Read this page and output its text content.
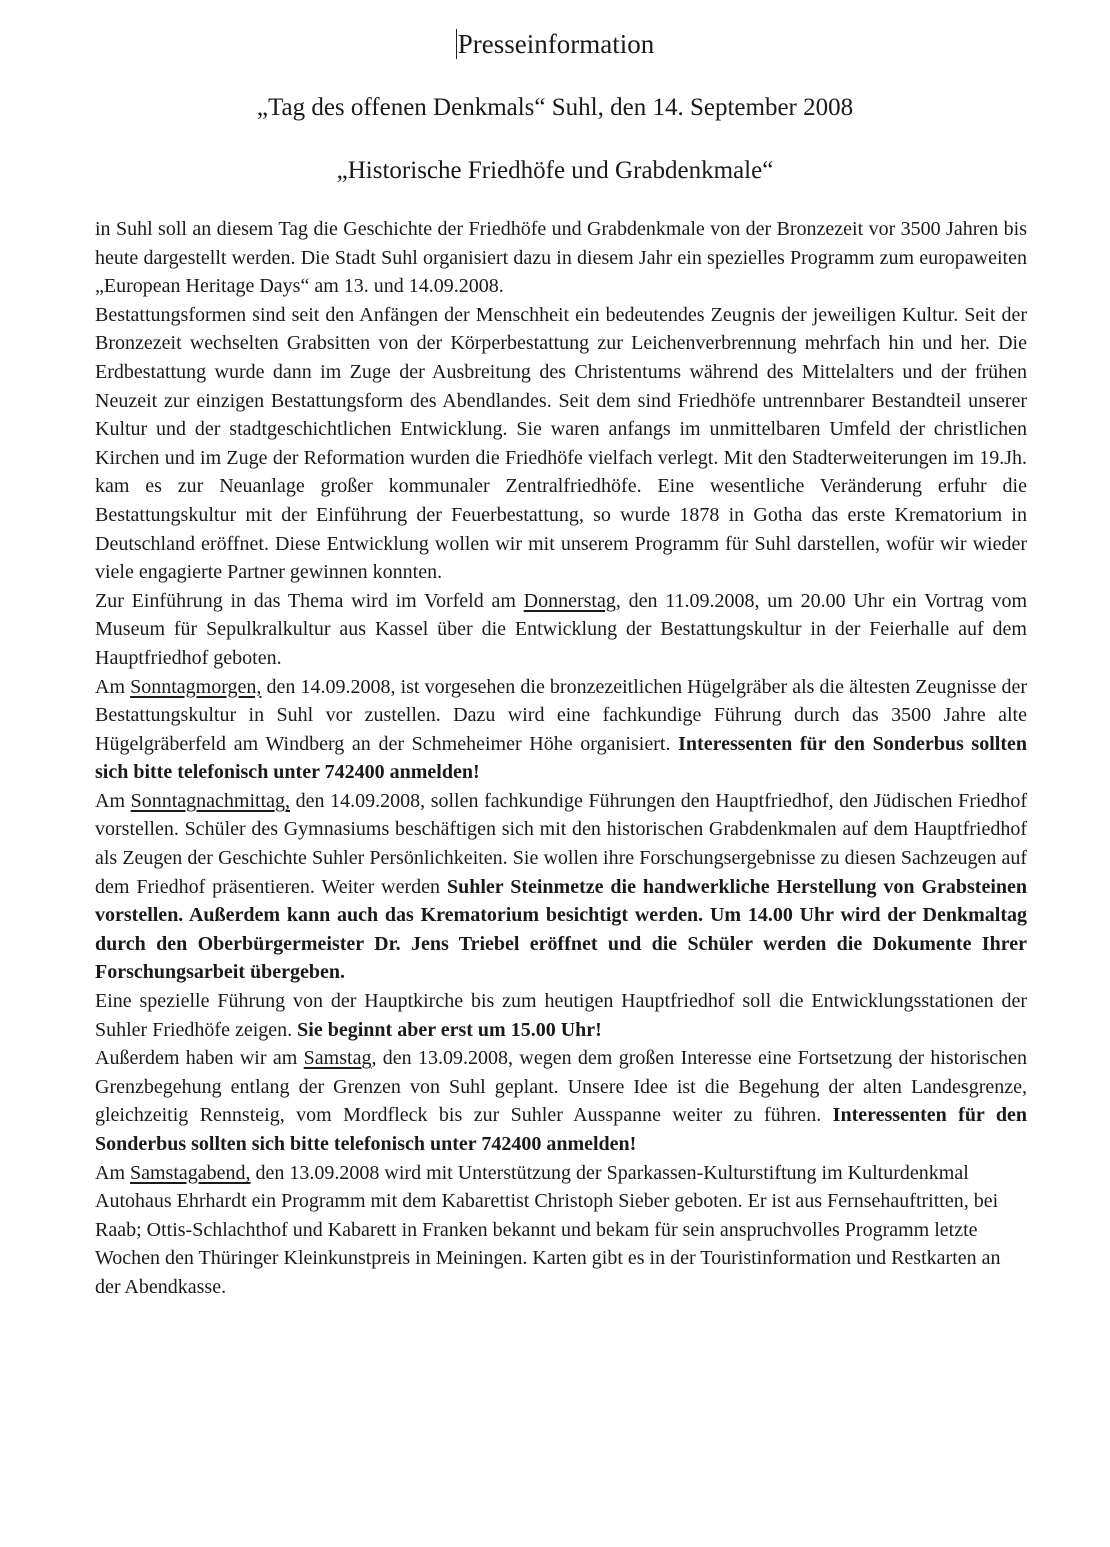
Presseinformation
„Tag des offenen Denkmals“ Suhl, den 14. September 2008
„Historische Friedhöfe und Grabdenkmale“

in Suhl soll an diesem Tag die Geschichte der Friedhöfe und Grabdenkmale von der Bronzezeit vor 3500 Jahren bis heute dargestellt werden. Die Stadt Suhl organisiert dazu in diesem Jahr ein spezielles Programm zum europaweiten „European Heritage Days“ am 13. und 14.09.2008.

Bestattungsformen sind seit den Anfängen der Menschheit ein bedeutendes Zeugnis der jeweiligen Kultur. Seit der Bronzezeit wechselten Grabsitten von der Körperbestattung zur Leichenverbrennung mehrfach hin und her. Die Erdbestattung wurde dann im Zuge der Ausbreitung des Christentums während des Mittelalters und der frühen Neuzeit zur einzigen Bestattungsform des Abendlandes. Seit dem sind Friedhöfe untrennbarer Bestandteil unserer Kultur und der stadtgeschichtlichen Entwicklung. Sie waren anfangs im unmittelbaren Umfeld der christlichen Kirchen und im Zuge der Reformation wurden die Friedhöfe vielfach verlegt. Mit den Stadterweiterungen im 19.Jh. kam es zur Neuanlage großer kommunaler Zentralfriedhöfe. Eine wesentliche Veränderung erfuhr die Bestattungskultur mit der Einführung der Feuerbestattung, so wurde 1878 in Gotha das erste Krematorium in Deutschland eröffnet. Diese Entwicklung wollen wir mit unserem Programm für Suhl darstellen, wofür wir wieder viele engagierte Partner gewinnen konnten.

Zur Einführung in das Thema wird im Vorfeld am Donnerstag, den 11.09.2008, um 20.00 Uhr ein Vortrag vom Museum für Sepulkralkultur aus Kassel über die Entwicklung der Bestattungskultur in der Feierhalle auf dem Hauptfriedhof geboten.

Am Sonntagmorgen, den 14.09.2008, ist vorgesehen die bronzezeitlichen Hügelgräber als die ältesten Zeugnisse der Bestattungskultur in Suhl vor zustellen. Dazu wird eine fachkundige Führung durch das 3500 Jahre alte Hügelgräberfeld am Windberg an der Schmeheimer Höhe organisiert. Interessenten für den Sonderbus sollten sich bitte telefonisch unter 742400 anmelden!

Am Sonntagnachmittag, den 14.09.2008, sollen fachkundige Führungen den Hauptfriedhof, den Jüdischen Friedhof vorstellen. Schüler des Gymnasiums beschäftigen sich mit den historischen Grabdenkmalen auf dem Hauptfriedhof als Zeugen der Geschichte Suhler Persönlichkeiten. Sie wollen ihre Forschungsergebnisse zu diesen Sachzeugen auf dem Friedhof präsentieren. Weiter werden Suhler Steinmetze die handwerkliche Herstellung von Grabsteinen vorstellen. Außerdem kann auch das Krematorium besichtigt werden. Um 14.00 Uhr wird der Denkmaltag durch den Oberbürgermeister Dr. Jens Triebel eröffnet und die Schüler werden die Dokumente Ihrer Forschungsarbeit übergeben.

Eine spezielle Führung von der Hauptkirche bis zum heutigen Hauptfriedhof soll die Entwicklungsstationen der Suhler Friedhöfe zeigen. Sie beginnt aber erst um 15.00 Uhr!

Außerdem haben wir am Samstag, den 13.09.2008, wegen dem großen Interesse eine Fortsetzung der historischen Grenzbegehung entlang der Grenzen von Suhl geplant. Unsere Idee ist die Begehung der alten Landesgrenze, gleichzeitig Rennsteig, vom Mordfleck bis zur Suhler Ausspanne weiter zu führen. Interessenten für den Sonderbus sollten sich bitte telefonisch unter 742400 anmelden!

Am Samstagabend, den 13.09.2008 wird mit Unterstützung der Sparkassen-Kulturstiftung im Kulturdenkmal Autohaus Ehrhardt ein Programm mit dem Kabarettist Christoph Sieber geboten. Er ist aus Fernsehauftritten, bei Raab; Ottis-Schlachthof und Kabarett in Franken bekannt und bekam für sein anspruchvolles Programm letzte Wochen den Thüringer Kleinkunstpreis in Meiningen. Karten gibt es in der Touristinformation und Restkarten an der Abendkasse.
